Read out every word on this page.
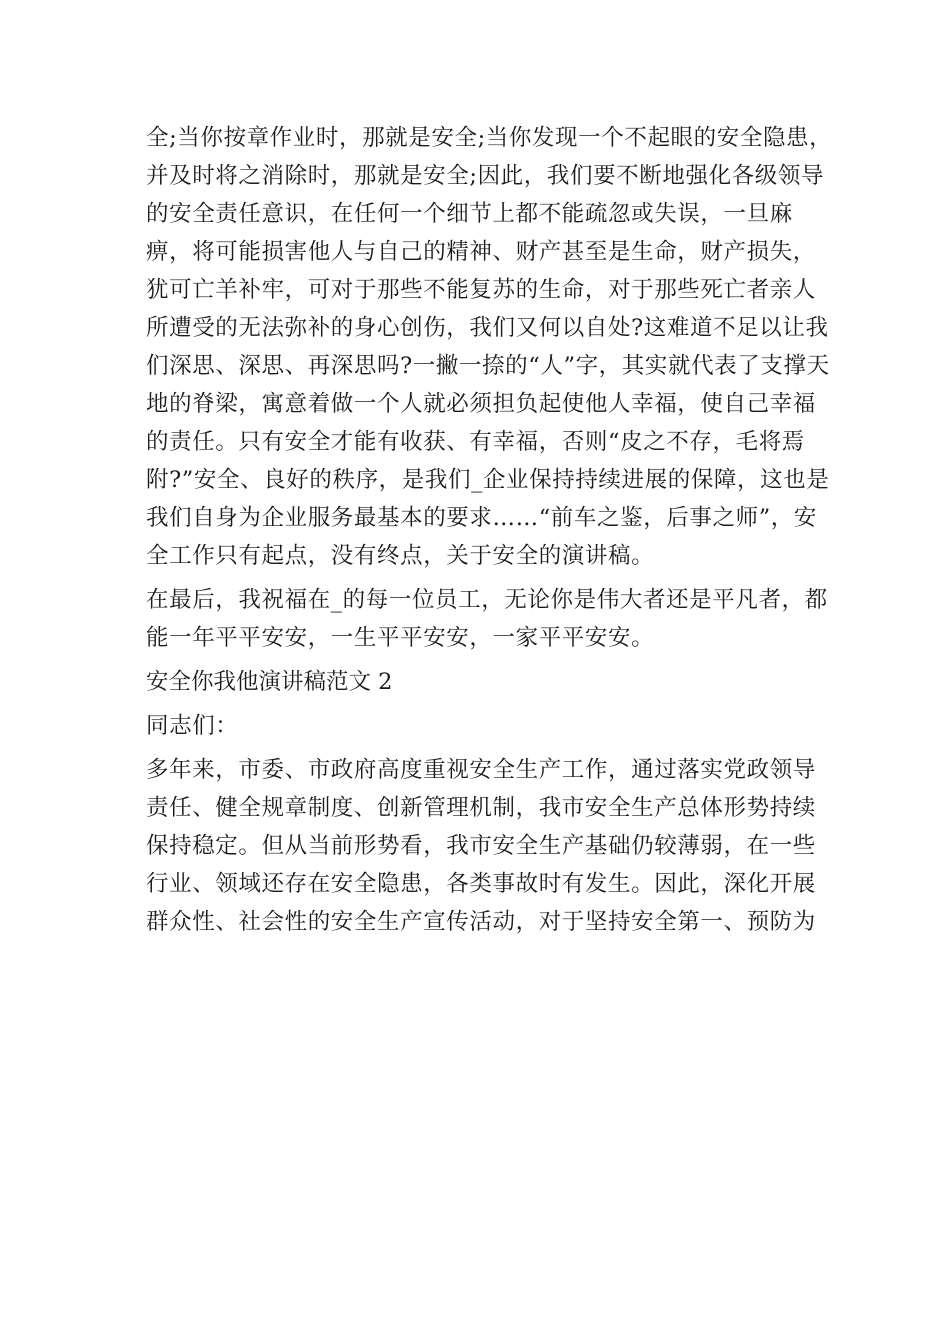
全;当你按章作业时，那就是安全;当你发现一个不起眼的安全隐患，
并及时将之消除时，那就是安全;因此，我们要不断地强化各级领导
的安全责任意识，在任何一个细节上都不能疏忽或失误，一旦麻
痹，将可能损害他人与自己的精神、财产甚至是生命，财产损失，
犹可亡羊补牢，可对于那些不能复苏的生命，对于那些死亡者亲人
所遭受的无法弥补的身心创伤，我们又何以自处?这难道不足以让我
们深思、深思、再深思吗?一撇一捺的“人”字，其实就代表了支撑天
地的脊梁，寓意着做一个人就必须担负起使他人幸福，使自己幸福
的责任。只有安全才能有收获、有幸福，否则“皮之不存，毛将焉
附?”安全、良好的秩序，是我们_企业保持持续进展的保障，这也是
我们自身为企业服务最基本的要求……“前车之鉴，后事之师”，安
全工作只有起点，没有终点，关于安全的演讲稿。
在最后，我祝福在_的每一位员工，无论你是伟大者还是平凡者，都
能一年平平安安，一生平平安安，一家平平安安。
安全你我他演讲稿范文 2
同志们：
多年来，市委、市政府高度重视安全生产工作，通过落实党政领导
责任、健全规章制度、创新管理机制，我市安全生产总体形势持续
保持稳定。但从当前形势看，我市安全生产基础仍较薄弱，在一些
行业、领域还存在安全隐患，各类事故时有发生。因此，深化开展
群众性、社会性的安全生产宣传活动，对于坚持安全第一、预防为
